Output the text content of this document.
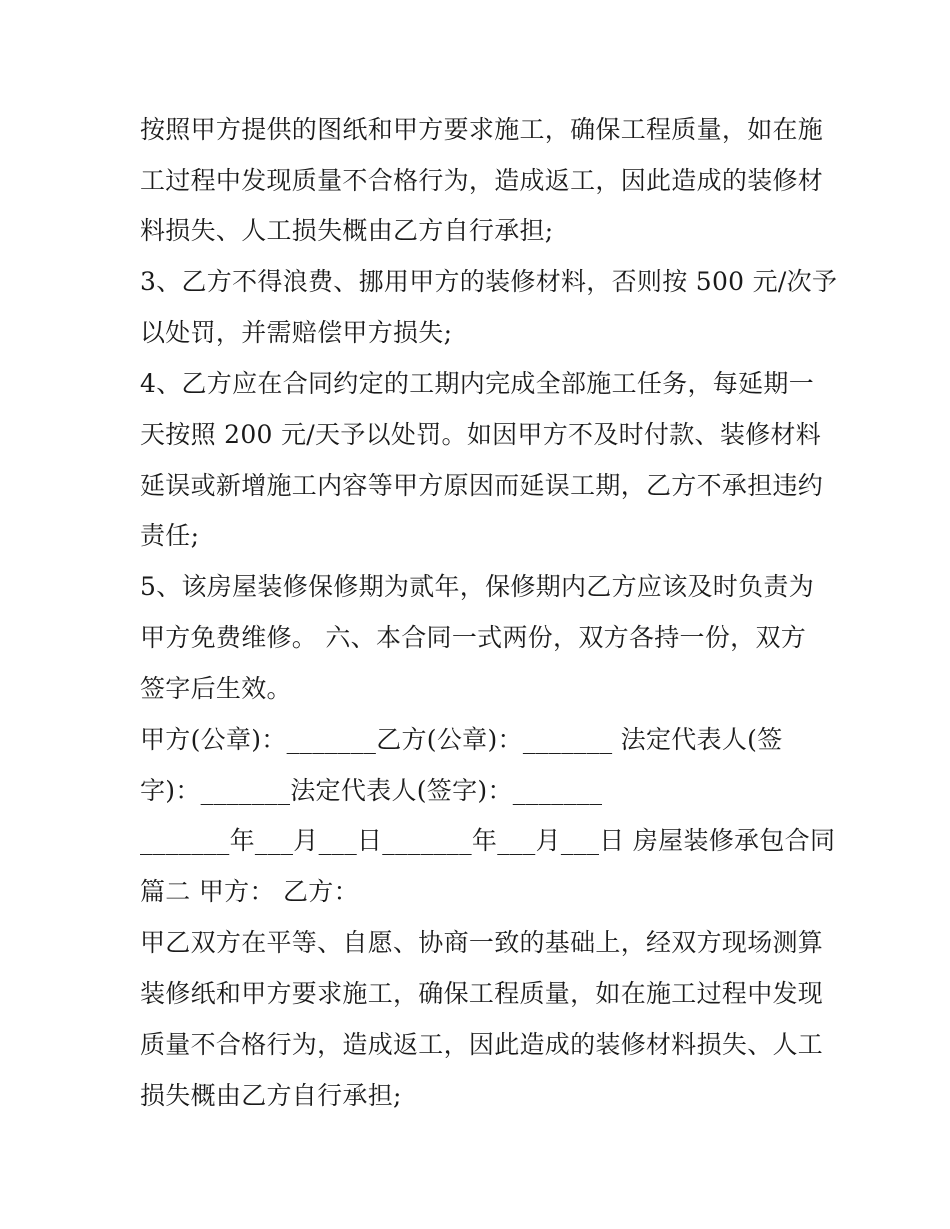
按照甲方提供的图纸和甲方要求施工，确保工程质量，如在施
工过程中发现质量不合格行为，造成返工，因此造成的装修材
料损失、人工损失概由乙方自行承担;
3、乙方不得浪费、挪用甲方的装修材料，否则按 500 元/次予
以处罚，并需赔偿甲方损失;
4、乙方应在合同约定的工期内完成全部施工任务，每延期一
天按照 200 元/天予以处罚。如因甲方不及时付款、装修材料
延误或新增施工内容等甲方原因而延误工期，乙方不承担违约
责任;
5、该房屋装修保修期为贰年，保修期内乙方应该及时负责为
甲方免费维修。 六、本合同一式两份，双方各持一份，双方
签字后生效。
甲方(公章)：_______乙方(公章)：_______ 法定代表人(签
字)：_______法定代表人(签字)：_______
_______年___月___日_______年___月___日 房屋装修承包合同
篇二 甲方： 乙方：
甲乙双方在平等、自愿、协商一致的基础上，经双方现场测算
装修纸和甲方要求施工，确保工程质量，如在施工过程中发现
质量不合格行为，造成返工，因此造成的装修材料损失、人工
损失概由乙方自行承担;
